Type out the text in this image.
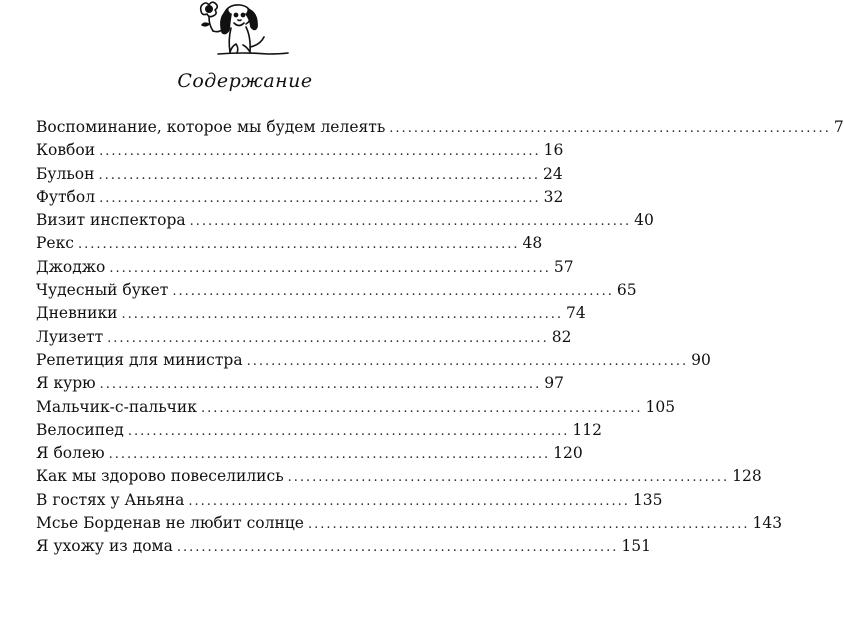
Содержание
Воспоминание, которое мы будем лелеять ........................................................................ 7
Ковбои ........................................................................ 16
Бульон ........................................................................ 24
Футбол ........................................................................ 32
Визит инспектора ........................................................................ 40
Рекс ........................................................................ 48
Джоджо ........................................................................ 57
Чудесный букет ........................................................................ 65
Дневники ........................................................................ 74
Луизетт ........................................................................ 82
Репетиция для министра ........................................................................ 90
Я курю ........................................................................ 97
Мальчик-с-пальчик ........................................................................ 105
Велосипед ........................................................................ 112
Я болею ........................................................................ 120
Как мы здорово повеселились ........................................................................ 128
В гостях у Аньяна ........................................................................ 135
Мсье Борденав не любит солнце ........................................................................ 143
Я ухожу из дома ........................................................................ 151
